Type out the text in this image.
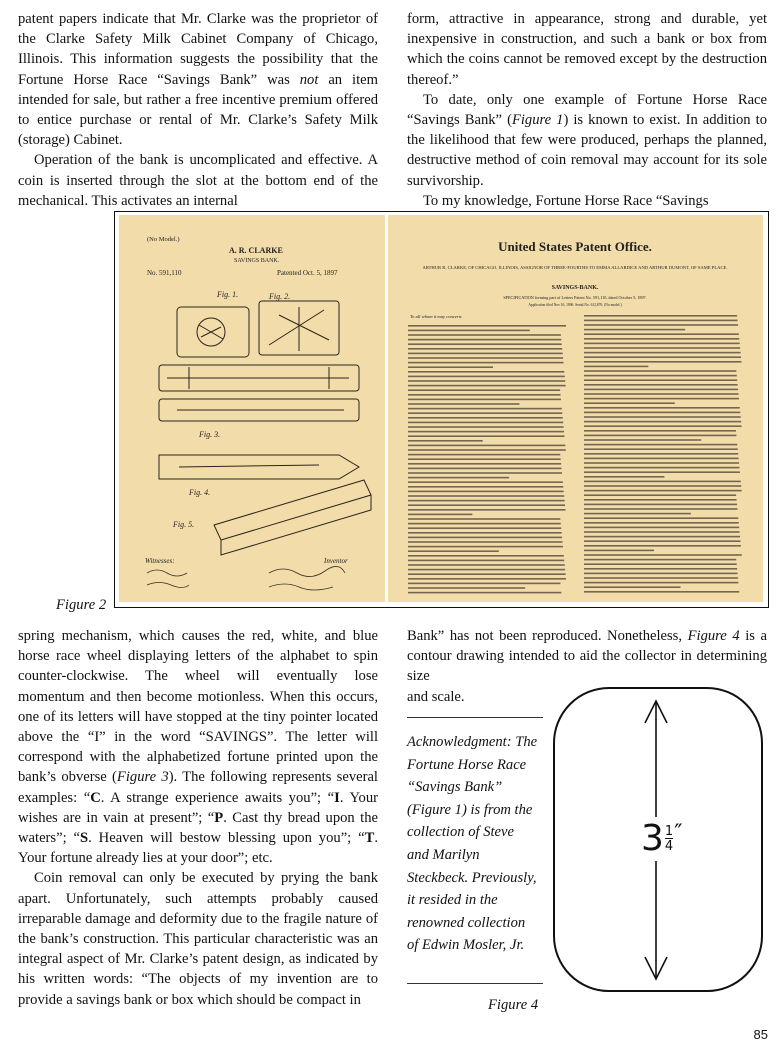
patent papers indicate that Mr. Clarke was the proprietor of the Clarke Safety Milk Cabinet Company of Chicago, Illinois. This information suggests the possibility that the Fortune Horse Race “Savings Bank” was not an item intended for sale, but rather a free incentive premium offered to entice purchase or rental of Mr. Clarke’s Safety Milk (storage) Cabinet.

Operation of the bank is uncomplicated and effective. A coin is inserted through the slot at the bottom end of the mechanical. This activates an internal

form, attractive in appearance, strong and durable, yet inexpensive in construction, and such a bank or box from which the coins cannot be removed except by the destruction thereof.”

To date, only one example of Fortune Horse Race “Savings Bank” (Figure 1) is known to exist. In addition to the likelihood that few were produced, perhaps the planned, destructive method of coin removal may account for its sole survivorship.

To my knowledge, Fortune Horse Race “Savings

(No Model.)
A. R. CLARKE
SAVINGS BANK.
No. 591,110	Patented Oct. 5, 1897
Fig. 1.	Fig. 2.
Fig. 3.
Fig. 4.
Fig. 5.
Witnesses:	Inventor
United States Patent Office.
ARTHUR R. CLARKE, OF CHICAGO, ILLINOIS, ASSIGNOR OF THREE-FOURTHS TO EMMA ALLARDICE AND ARTHUR DUMONT, OF SAME PLACE.
SAVINGS-BANK.
SPECIFICATION forming part of Letters Patent No. 591,110, dated October 5, 1897.
Application filed Nov 16, 1896. Serial No. 612,876. (No model.)
To all whom it may concern:
Figure 2

spring mechanism, which causes the red, white, and blue horse race wheel displaying letters of the alphabet to spin counter-clockwise. The wheel will eventually lose momentum and then become motionless. When this occurs, one of its letters will have stopped at the tiny pointer located above the “I” in the word “SAVINGS”. The letter will correspond with the alphabetized fortune printed upon the bank’s obverse (Figure 3). The following represents several examples: “C. A strange experience awaits you”; “I. Your wishes are in vain at present”; “P. Cast thy bread upon the waters”; “S. Heaven will bestow blessing upon you”; “T. Your fortune already lies at your door”; etc.

Coin removal can only be executed by prying the bank apart. Unfortunately, such attempts probably caused irreparable damage and deformity due to the fragile nature of the bank’s construction. This particular characteristic was an integral aspect of Mr. Clarke’s patent design, as indicated by his written words: “The objects of my invention are to provide a savings bank or box which should be compact in

Bank” has not been reproduced. Nonetheless, Figure 4 is a contour drawing intended to aid the collector in determining size

and scale.

Acknowledgment: The Fortune Horse Race “Savings Bank” (Figure 1) is from the collection of Steve and Marilyn Steckbeck. Previously, it resided in the renowned collection of Edwin Mosler, Jr.
3 1
4
″
Figure 4
85
